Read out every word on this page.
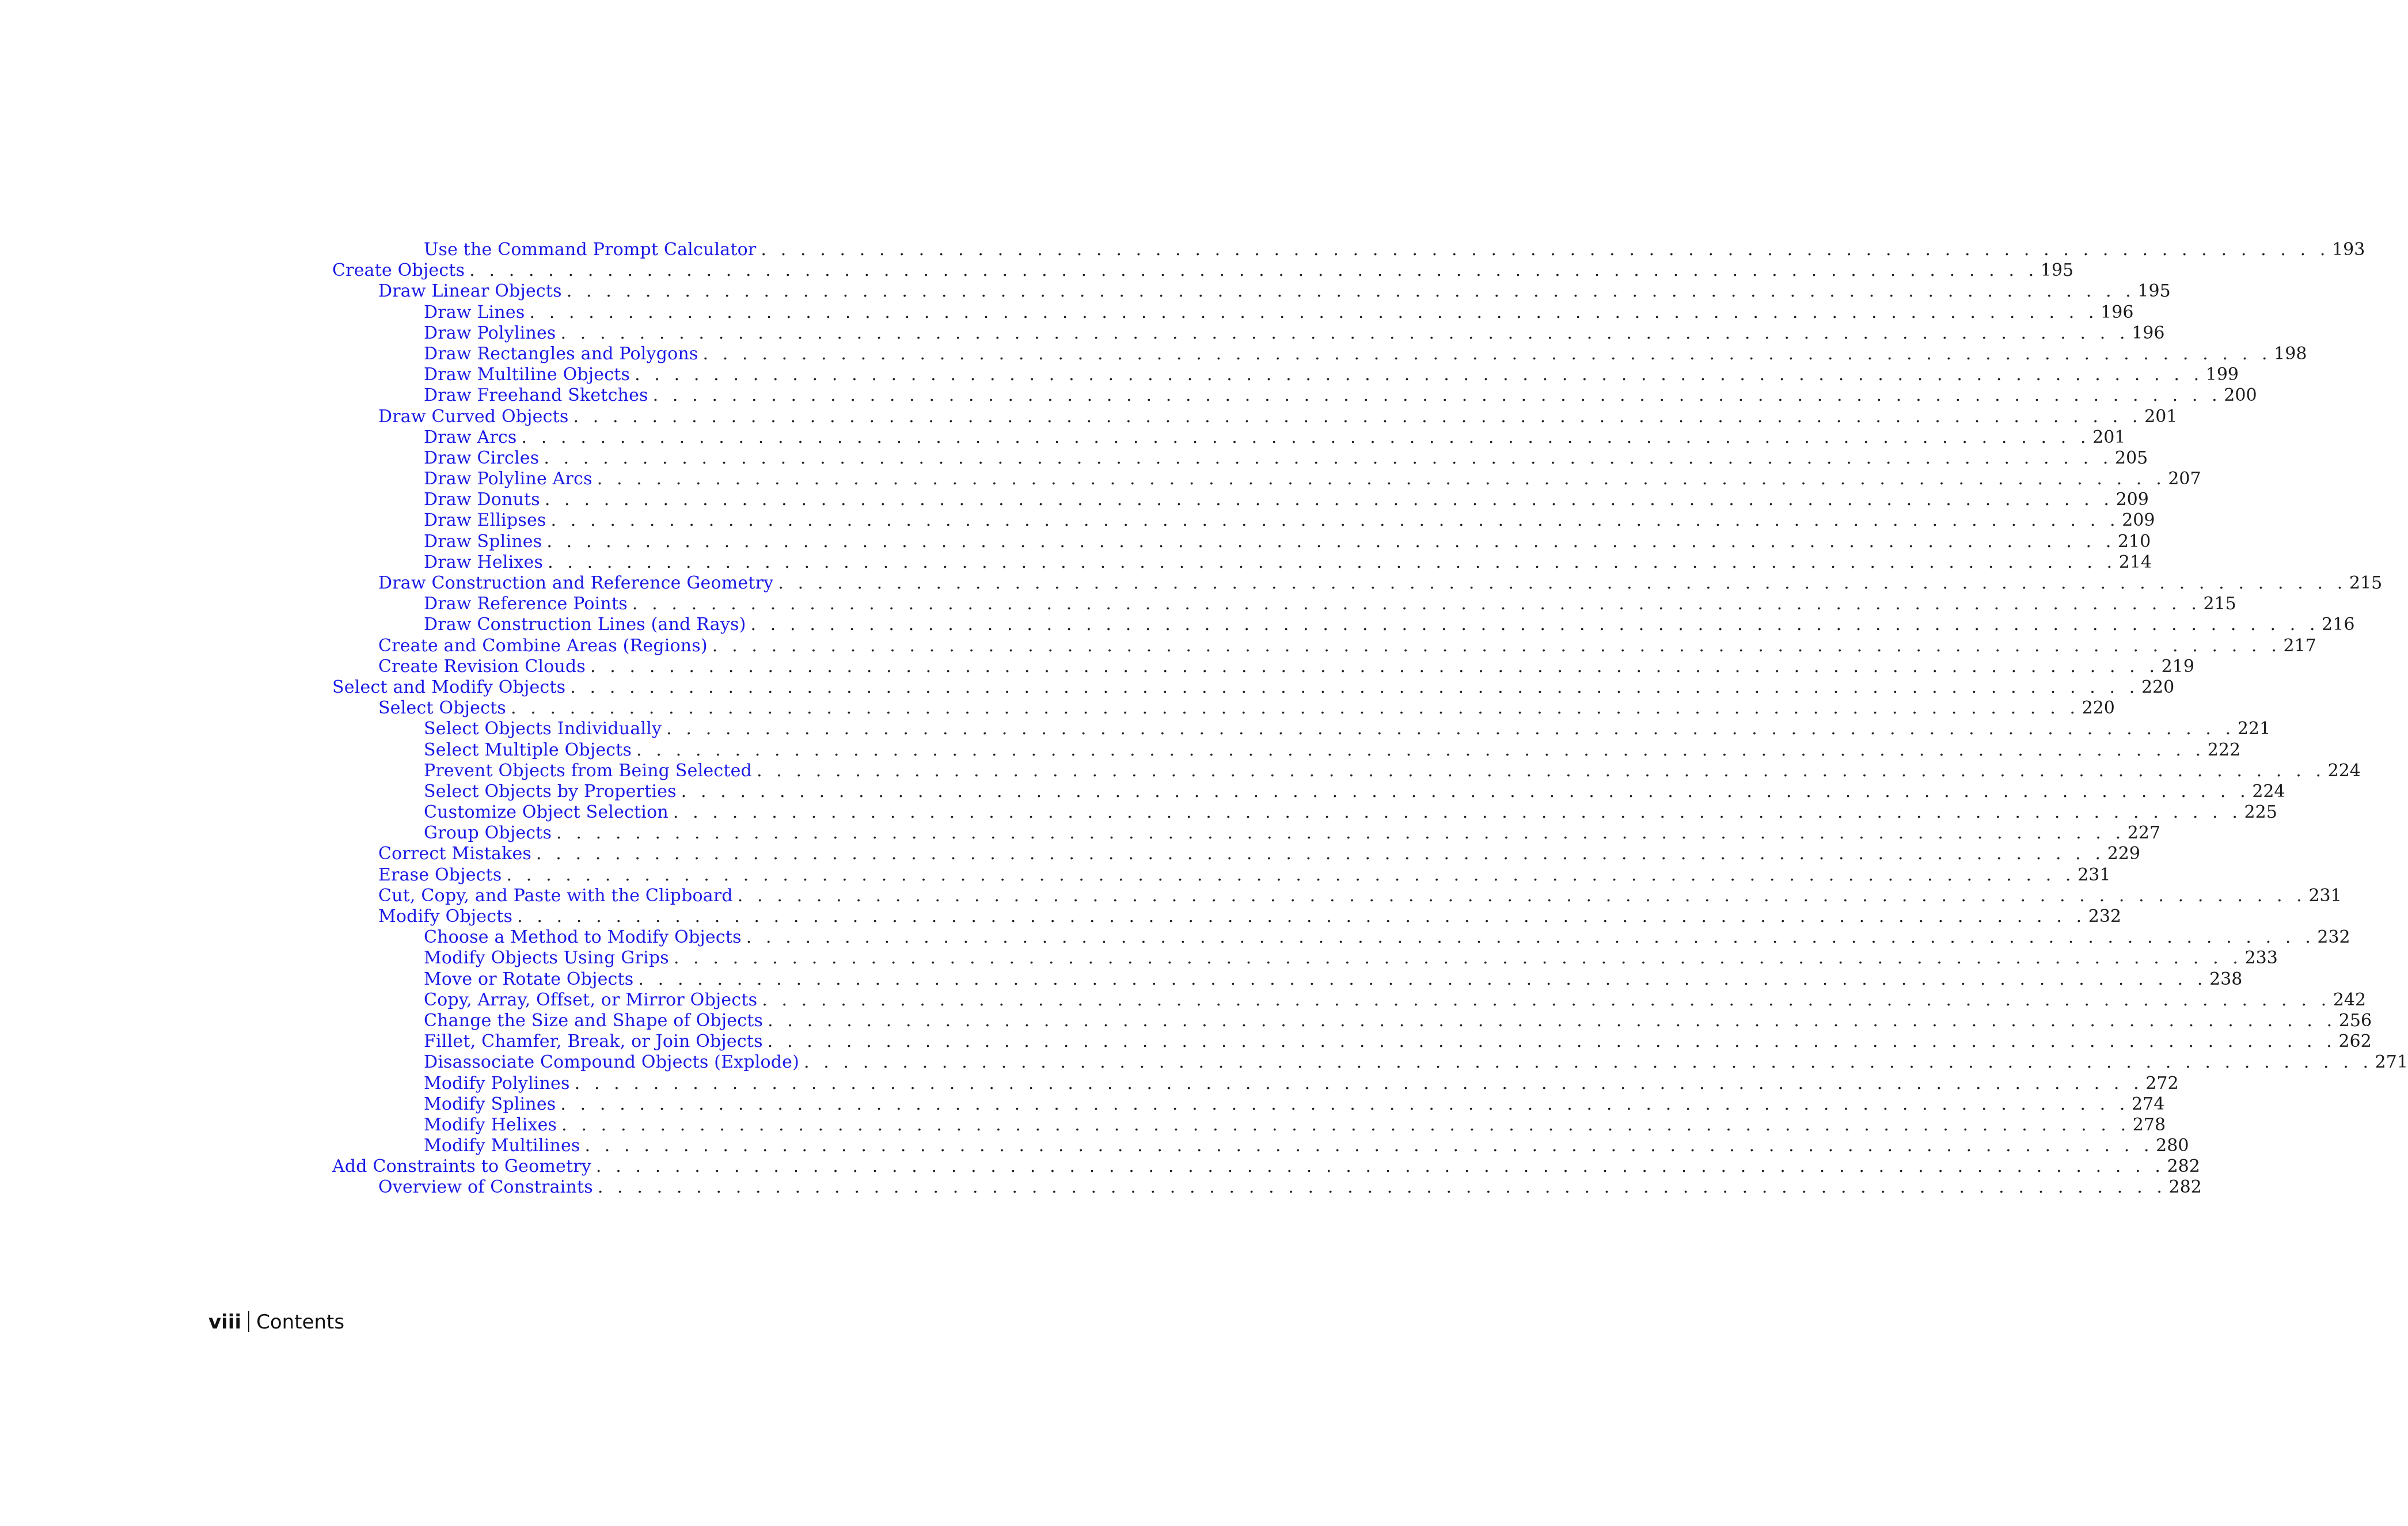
Use the Command Prompt Calculator . . . . . . . . . . . . . . . . . . . . . . . . . . . . . . . . . . . . . . . . . . . . . . . . . . . . . . . . . . . . . . . . . . . . . . . . . . . . . . . . 193
Create Objects . . . . . . . . . . . . . . . . . . . . . . . . . . . . . . . . . . . . . . . . . . . . . . . . . . . . . . . . . . . . . . . . . . . . . . . . . . . . . . . . 195
Draw Linear Objects . . . . . . . . . . . . . . . . . . . . . . . . . . . . . . . . . . . . . . . . . . . . . . . . . . . . . . . . . . . . . . . . . . . . . . . . . . . . . . . . 195
Draw Lines . . . . . . . . . . . . . . . . . . . . . . . . . . . . . . . . . . . . . . . . . . . . . . . . . . . . . . . . . . . . . . . . . . . . . . . . . . . . . . . . 196
Draw Polylines . . . . . . . . . . . . . . . . . . . . . . . . . . . . . . . . . . . . . . . . . . . . . . . . . . . . . . . . . . . . . . . . . . . . . . . . . . . . . . . . 196
Draw Rectangles and Polygons . . . . . . . . . . . . . . . . . . . . . . . . . . . . . . . . . . . . . . . . . . . . . . . . . . . . . . . . . . . . . . . . . . . . . . . . . . . . . . . . 198
Draw Multiline Objects . . . . . . . . . . . . . . . . . . . . . . . . . . . . . . . . . . . . . . . . . . . . . . . . . . . . . . . . . . . . . . . . . . . . . . . . . . . . . . . . 199
Draw Freehand Sketches . . . . . . . . . . . . . . . . . . . . . . . . . . . . . . . . . . . . . . . . . . . . . . . . . . . . . . . . . . . . . . . . . . . . . . . . . . . . . . . . 200
Draw Curved Objects . . . . . . . . . . . . . . . . . . . . . . . . . . . . . . . . . . . . . . . . . . . . . . . . . . . . . . . . . . . . . . . . . . . . . . . . . . . . . . . . 201
Draw Arcs . . . . . . . . . . . . . . . . . . . . . . . . . . . . . . . . . . . . . . . . . . . . . . . . . . . . . . . . . . . . . . . . . . . . . . . . . . . . . . . . 201
Draw Circles . . . . . . . . . . . . . . . . . . . . . . . . . . . . . . . . . . . . . . . . . . . . . . . . . . . . . . . . . . . . . . . . . . . . . . . . . . . . . . . . 205
Draw Polyline Arcs . . . . . . . . . . . . . . . . . . . . . . . . . . . . . . . . . . . . . . . . . . . . . . . . . . . . . . . . . . . . . . . . . . . . . . . . . . . . . . . . 207
Draw Donuts . . . . . . . . . . . . . . . . . . . . . . . . . . . . . . . . . . . . . . . . . . . . . . . . . . . . . . . . . . . . . . . . . . . . . . . . . . . . . . . . 209
Draw Ellipses . . . . . . . . . . . . . . . . . . . . . . . . . . . . . . . . . . . . . . . . . . . . . . . . . . . . . . . . . . . . . . . . . . . . . . . . . . . . . . . . 209
Draw Splines . . . . . . . . . . . . . . . . . . . . . . . . . . . . . . . . . . . . . . . . . . . . . . . . . . . . . . . . . . . . . . . . . . . . . . . . . . . . . . . . 210
Draw Helixes . . . . . . . . . . . . . . . . . . . . . . . . . . . . . . . . . . . . . . . . . . . . . . . . . . . . . . . . . . . . . . . . . . . . . . . . . . . . . . . . 214
Draw Construction and Reference Geometry . . . . . . . . . . . . . . . . . . . . . . . . . . . . . . . . . . . . . . . . . . . . . . . . . . . . . . . . . . . . . . . . . . . . . . . . . . . . . . . . 215
Draw Reference Points . . . . . . . . . . . . . . . . . . . . . . . . . . . . . . . . . . . . . . . . . . . . . . . . . . . . . . . . . . . . . . . . . . . . . . . . . . . . . . . . 215
Draw Construction Lines (and Rays) . . . . . . . . . . . . . . . . . . . . . . . . . . . . . . . . . . . . . . . . . . . . . . . . . . . . . . . . . . . . . . . . . . . . . . . . . . . . . . . . 216
Create and Combine Areas (Regions) . . . . . . . . . . . . . . . . . . . . . . . . . . . . . . . . . . . . . . . . . . . . . . . . . . . . . . . . . . . . . . . . . . . . . . . . . . . . . . . . 217
Create Revision Clouds . . . . . . . . . . . . . . . . . . . . . . . . . . . . . . . . . . . . . . . . . . . . . . . . . . . . . . . . . . . . . . . . . . . . . . . . . . . . . . . . 219
Select and Modify Objects . . . . . . . . . . . . . . . . . . . . . . . . . . . . . . . . . . . . . . . . . . . . . . . . . . . . . . . . . . . . . . . . . . . . . . . . . . . . . . . . 220
Select Objects . . . . . . . . . . . . . . . . . . . . . . . . . . . . . . . . . . . . . . . . . . . . . . . . . . . . . . . . . . . . . . . . . . . . . . . . . . . . . . . . 220
Select Objects Individually . . . . . . . . . . . . . . . . . . . . . . . . . . . . . . . . . . . . . . . . . . . . . . . . . . . . . . . . . . . . . . . . . . . . . . . . . . . . . . . . 221
Select Multiple Objects . . . . . . . . . . . . . . . . . . . . . . . . . . . . . . . . . . . . . . . . . . . . . . . . . . . . . . . . . . . . . . . . . . . . . . . . . . . . . . . . 222
Prevent Objects from Being Selected . . . . . . . . . . . . . . . . . . . . . . . . . . . . . . . . . . . . . . . . . . . . . . . . . . . . . . . . . . . . . . . . . . . . . . . . . . . . . . . . 224
Select Objects by Properties . . . . . . . . . . . . . . . . . . . . . . . . . . . . . . . . . . . . . . . . . . . . . . . . . . . . . . . . . . . . . . . . . . . . . . . . . . . . . . . . 224
Customize Object Selection . . . . . . . . . . . . . . . . . . . . . . . . . . . . . . . . . . . . . . . . . . . . . . . . . . . . . . . . . . . . . . . . . . . . . . . . . . . . . . . . 225
Group Objects . . . . . . . . . . . . . . . . . . . . . . . . . . . . . . . . . . . . . . . . . . . . . . . . . . . . . . . . . . . . . . . . . . . . . . . . . . . . . . . . 227
Correct Mistakes . . . . . . . . . . . . . . . . . . . . . . . . . . . . . . . . . . . . . . . . . . . . . . . . . . . . . . . . . . . . . . . . . . . . . . . . . . . . . . . . 229
Erase Objects . . . . . . . . . . . . . . . . . . . . . . . . . . . . . . . . . . . . . . . . . . . . . . . . . . . . . . . . . . . . . . . . . . . . . . . . . . . . . . . . 231
Cut, Copy, and Paste with the Clipboard . . . . . . . . . . . . . . . . . . . . . . . . . . . . . . . . . . . . . . . . . . . . . . . . . . . . . . . . . . . . . . . . . . . . . . . . . . . . . . . . 231
Modify Objects . . . . . . . . . . . . . . . . . . . . . . . . . . . . . . . . . . . . . . . . . . . . . . . . . . . . . . . . . . . . . . . . . . . . . . . . . . . . . . . . 232
Choose a Method to Modify Objects . . . . . . . . . . . . . . . . . . . . . . . . . . . . . . . . . . . . . . . . . . . . . . . . . . . . . . . . . . . . . . . . . . . . . . . . . . . . . . . . 232
Modify Objects Using Grips . . . . . . . . . . . . . . . . . . . . . . . . . . . . . . . . . . . . . . . . . . . . . . . . . . . . . . . . . . . . . . . . . . . . . . . . . . . . . . . . 233
Move or Rotate Objects . . . . . . . . . . . . . . . . . . . . . . . . . . . . . . . . . . . . . . . . . . . . . . . . . . . . . . . . . . . . . . . . . . . . . . . . . . . . . . . . 238
Copy, Array, Offset, or Mirror Objects . . . . . . . . . . . . . . . . . . . . . . . . . . . . . . . . . . . . . . . . . . . . . . . . . . . . . . . . . . . . . . . . . . . . . . . . . . . . . . . . 242
Change the Size and Shape of Objects . . . . . . . . . . . . . . . . . . . . . . . . . . . . . . . . . . . . . . . . . . . . . . . . . . . . . . . . . . . . . . . . . . . . . . . . . . . . . . . . 256
Fillet, Chamfer, Break, or Join Objects . . . . . . . . . . . . . . . . . . . . . . . . . . . . . . . . . . . . . . . . . . . . . . . . . . . . . . . . . . . . . . . . . . . . . . . . . . . . . . . . 262
Disassociate Compound Objects (Explode) . . . . . . . . . . . . . . . . . . . . . . . . . . . . . . . . . . . . . . . . . . . . . . . . . . . . . . . . . . . . . . . . . . . . . . . . . . . . . . . . 271
Modify Polylines . . . . . . . . . . . . . . . . . . . . . . . . . . . . . . . . . . . . . . . . . . . . . . . . . . . . . . . . . . . . . . . . . . . . . . . . . . . . . . . . 272
Modify Splines . . . . . . . . . . . . . . . . . . . . . . . . . . . . . . . . . . . . . . . . . . . . . . . . . . . . . . . . . . . . . . . . . . . . . . . . . . . . . . . . 274
Modify Helixes . . . . . . . . . . . . . . . . . . . . . . . . . . . . . . . . . . . . . . . . . . . . . . . . . . . . . . . . . . . . . . . . . . . . . . . . . . . . . . . . 278
Modify Multilines . . . . . . . . . . . . . . . . . . . . . . . . . . . . . . . . . . . . . . . . . . . . . . . . . . . . . . . . . . . . . . . . . . . . . . . . . . . . . . . . 280
Add Constraints to Geometry . . . . . . . . . . . . . . . . . . . . . . . . . . . . . . . . . . . . . . . . . . . . . . . . . . . . . . . . . . . . . . . . . . . . . . . . . . . . . . . . 282
Overview of Constraints . . . . . . . . . . . . . . . . . . . . . . . . . . . . . . . . . . . . . . . . . . . . . . . . . . . . . . . . . . . . . . . . . . . . . . . . . . . . . . . . 282
viii Contents
